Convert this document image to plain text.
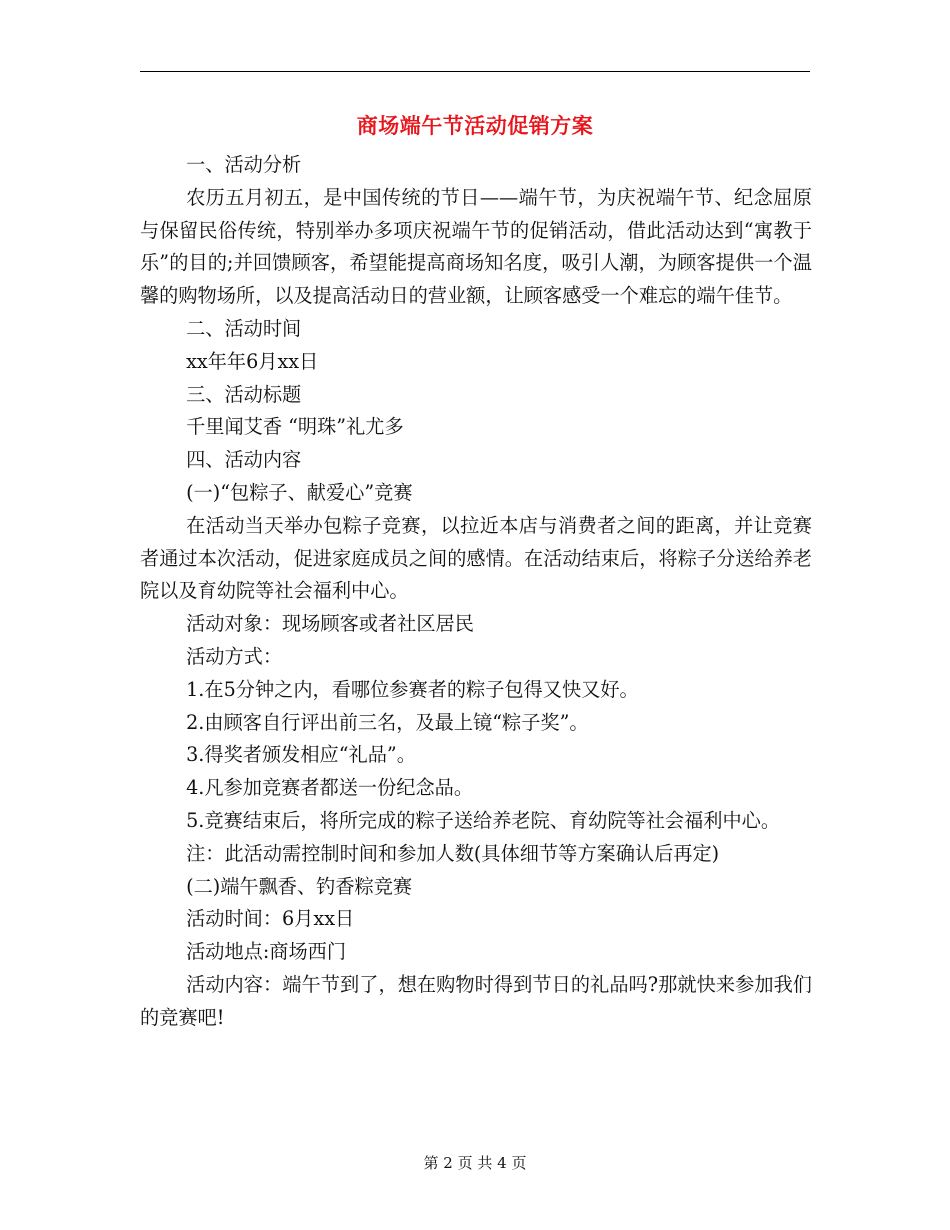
商场端午节活动促销方案

一、活动分析

农历五月初五，是中国传统的节日——端午节，为庆祝端午节、纪念屈原与保留民俗传统，特别举办多项庆祝端午节的促销活动，借此活动达到“寓教于乐”的目的;并回馈顾客，希望能提高商场知名度，吸引人潮，为顾客提供一个温馨的购物场所，以及提高活动日的营业额，让顾客感受一个难忘的端午佳节。

二、活动时间

xx年年6月xx日

三、活动标题

千里闻艾香 “明珠”礼尤多

四、活动内容

(一)“包粽子、献爱心”竞赛

在活动当天举办包粽子竞赛，以拉近本店与消费者之间的距离，并让竞赛者通过本次活动，促进家庭成员之间的感情。在活动结束后，将粽子分送给养老院以及育幼院等社会福利中心。

活动对象：现场顾客或者社区居民

活动方式：

1.在5分钟之内，看哪位参赛者的粽子包得又快又好。

2.由顾客自行评出前三名，及最上镜“粽子奖”。

3.得奖者颁发相应“礼品”。

4.凡参加竞赛者都送一份纪念品。

5.竞赛结束后，将所完成的粽子送给养老院、育幼院等社会福利中心。

注：此活动需控制时间和参加人数(具体细节等方案确认后再定)

(二)端午飘香、钓香粽竞赛

活动时间：6月xx日

活动地点:商场西门

活动内容：端午节到了，想在购物时得到节日的礼品吗?那就快来参加我们的竞赛吧!

第 2 页 共 4 页
